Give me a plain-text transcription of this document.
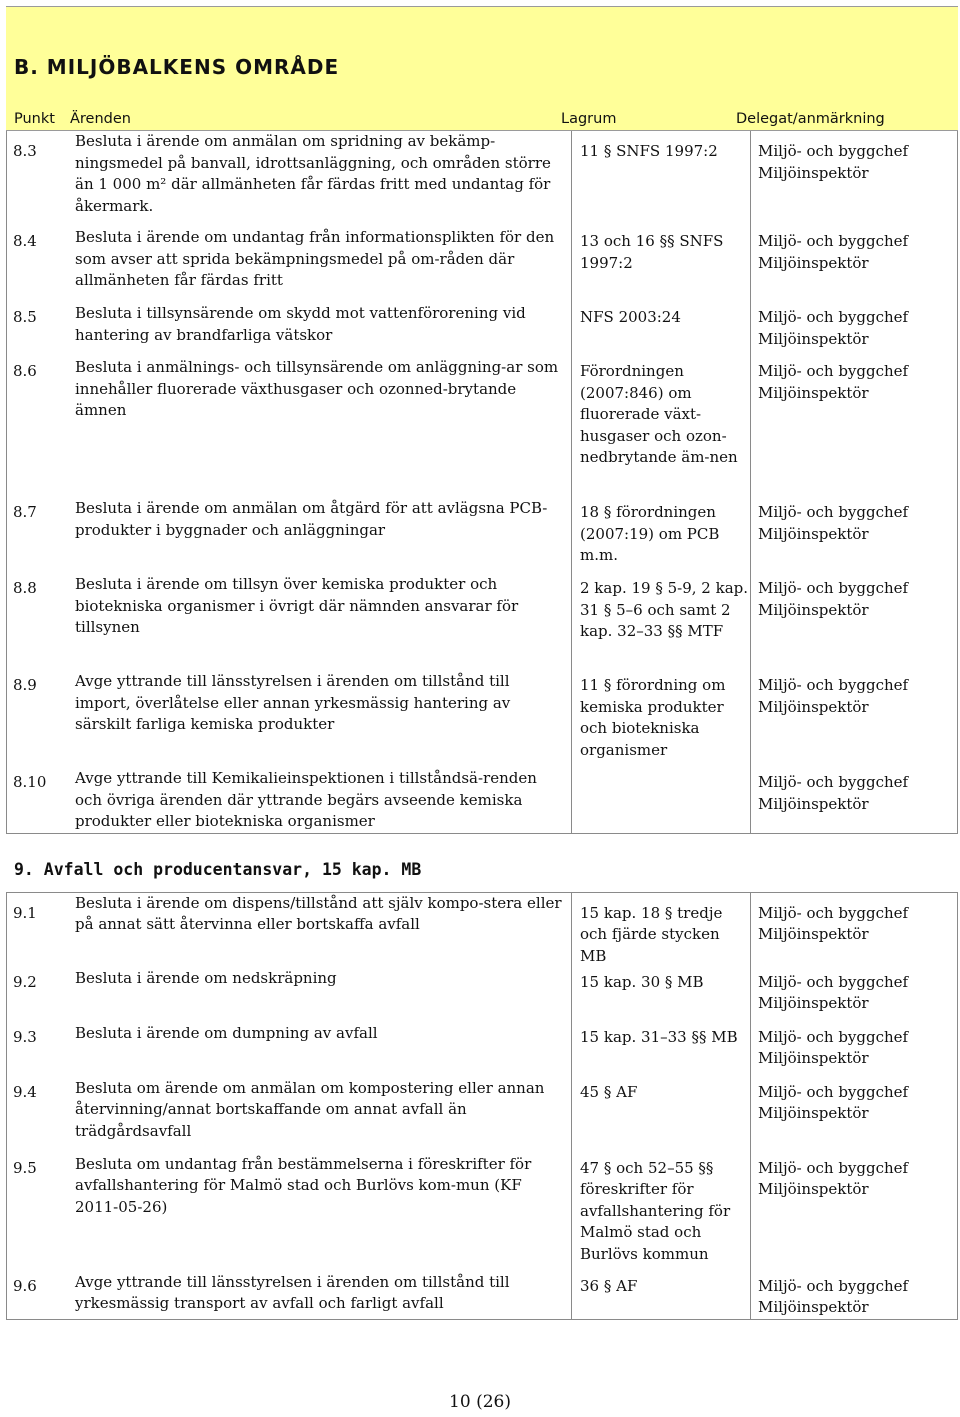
B. MILJÖBALKENS OMRÅDE
Punkt Ärenden	Lagrum	Delegat/anmärkning
8.3	Besluta i ärende om anmälan om spridning av bekämp-ningsmedel på banvall, idrottsanläggning, och områden större än 1 000 m² där allmänheten får färdas fritt med undantag för åkermark.	11 § SNFS 1997:2	Miljö- och byggchef
Miljöinspektör

8.4	Besluta i ärende om undantag från informationsplikten för den som avser att sprida bekämpningsmedel på om-råden där allmänheten får färdas fritt	13 och 16 §§ SNFS 1997:2	Miljö- och byggchef
Miljöinspektör

8.5	Besluta i tillsynsärende om skydd mot vattenförorening vid hantering av brandfarliga vätskor	NFS 2003:24	Miljö- och byggchef
Miljöinspektör

8.6	Besluta i anmälnings- och tillsynsärende om anläggning-ar som innehåller fluorerade växthusgaser och ozonned-brytande ämnen	Förordningen (2007:846) om fluorerade växt-husgaser och ozon-nedbrytande äm-nen	Miljö- och byggchef
Miljöinspektör

8.7	Besluta i ärende om anmälan om åtgärd för att avlägsna PCB-produkter i byggnader och anläggningar	18 § förordningen (2007:19) om PCB m.m.	Miljö- och byggchef
Miljöinspektör

8.8	Besluta i ärende om tillsyn över kemiska produkter och biotekniska organismer i övrigt där nämnden ansvarar för tillsynen	2 kap. 19 § 5-9, 2 kap. 31 § 5–6 och samt 2 kap. 32–33 §§ MTF	Miljö- och byggchef
Miljöinspektör

8.9	Avge yttrande till länsstyrelsen i ärenden om tillstånd till import, överlåtelse eller annan yrkesmässig hantering av särskilt farliga kemiska produkter	11 § förordning om kemiska produkter och biotekniska organismer	Miljö- och byggchef
Miljöinspektör

8.10	Avge yttrande till Kemikalieinspektionen i tillståndsä-renden och övriga ärenden där yttrande begärs avseende kemiska produkter eller biotekniska organismer		Miljö- och byggchef
Miljöinspektör
9. Avfall och producentansvar, 15 kap. MB
9.1	Besluta i ärende om dispens/tillstånd att själv kompo-stera eller på annat sätt återvinna eller bortskaffa avfall	15 kap. 18 § tredje och fjärde stycken MB	Miljö- och byggchef
Miljöinspektör

9.2	Besluta i ärende om nedskräpning	15 kap. 30 § MB	Miljö- och byggchef
Miljöinspektör

9.3	Besluta i ärende om dumpning av avfall	15 kap. 31–33 §§ MB	Miljö- och byggchef
Miljöinspektör

9.4	Besluta om ärende om anmälan om kompostering eller annan återvinning/annat bortskaffande om annat avfall än trädgårdsavfall	45 § AF	Miljö- och byggchef
Miljöinspektör

9.5	Besluta om undantag från bestämmelserna i föreskrifter för avfallshantering för Malmö stad och Burlövs kom-mun (KF 2011-05-26)	47 § och 52–55 §§ föreskrifter för avfallshantering för Malmö stad och Burlövs kommun	Miljö- och byggchef
Miljöinspektör

9.6	Avge yttrande till länsstyrelsen i ärenden om tillstånd till yrkesmässig transport av avfall och farligt avfall	36 § AF	Miljö- och byggchef
Miljöinspektör
10 (26)
